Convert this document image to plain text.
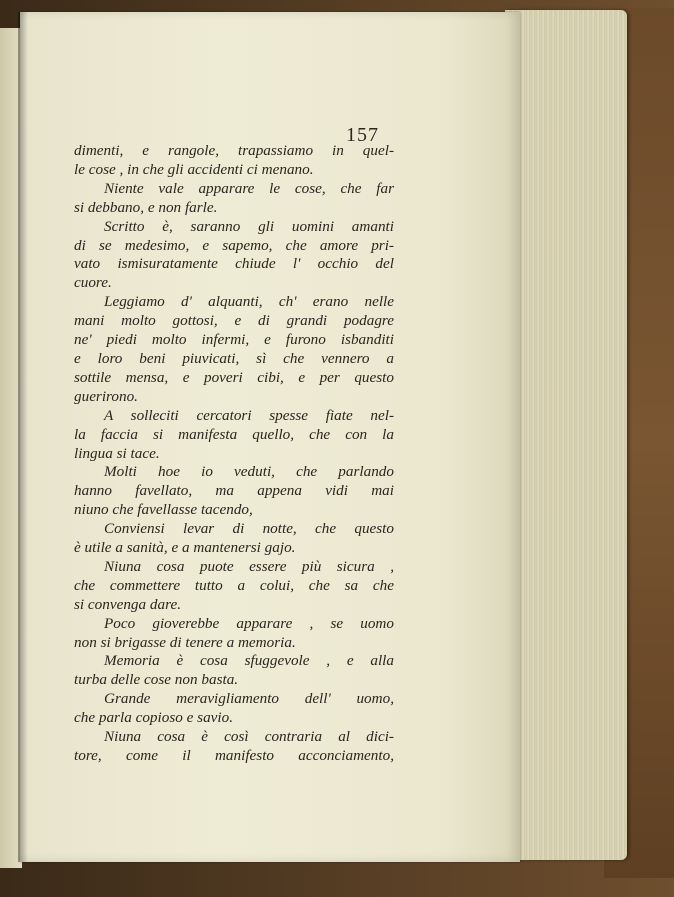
157
dimenti, e rangole, trapassiamo in quel-
le cose , in che gli accidenti ci menano.
Niente vale apparare le cose, che far
si debbano, e non farle.
Scritto è, saranno gli uomini amanti
di se medesimo, e sapemo, che amore pri-
vato ismisuratamente chiude l' occhio del
cuore.
Leggiamo d' alquanti, ch' erano nelle
mani molto gottosi, e di grandi podagre
ne' piedi molto infermi, e furono isbanditi
e loro beni piuvicati, sì che vennero a
sottile mensa, e poveri cibi, e per questo
guerirono.
A solleciti cercatori spesse fiate nel-
la faccia si manifesta quello, che con la
lingua si tace.
Molti hoe io veduti, che parlando
hanno favellato, ma appena vidi mai
niuno che favellasse tacendo,
Conviensi levar di notte, che questo
è utile a sanità, e a mantenersi gajo.
Niuna cosa puote essere più sicura ,
che commettere tutto a colui, che sa che
si convenga dare.
Poco gioverebbe apparare , se uomo
non si brigasse di tenere a memoria.
Memoria è cosa sfuggevole , e alla
turba delle cose non basta.
Grande meravigliamento dell' uomo,
che parla copioso e savio.
Niuna cosa è così contraria al dici-
tore, come il manifesto acconciamento,
